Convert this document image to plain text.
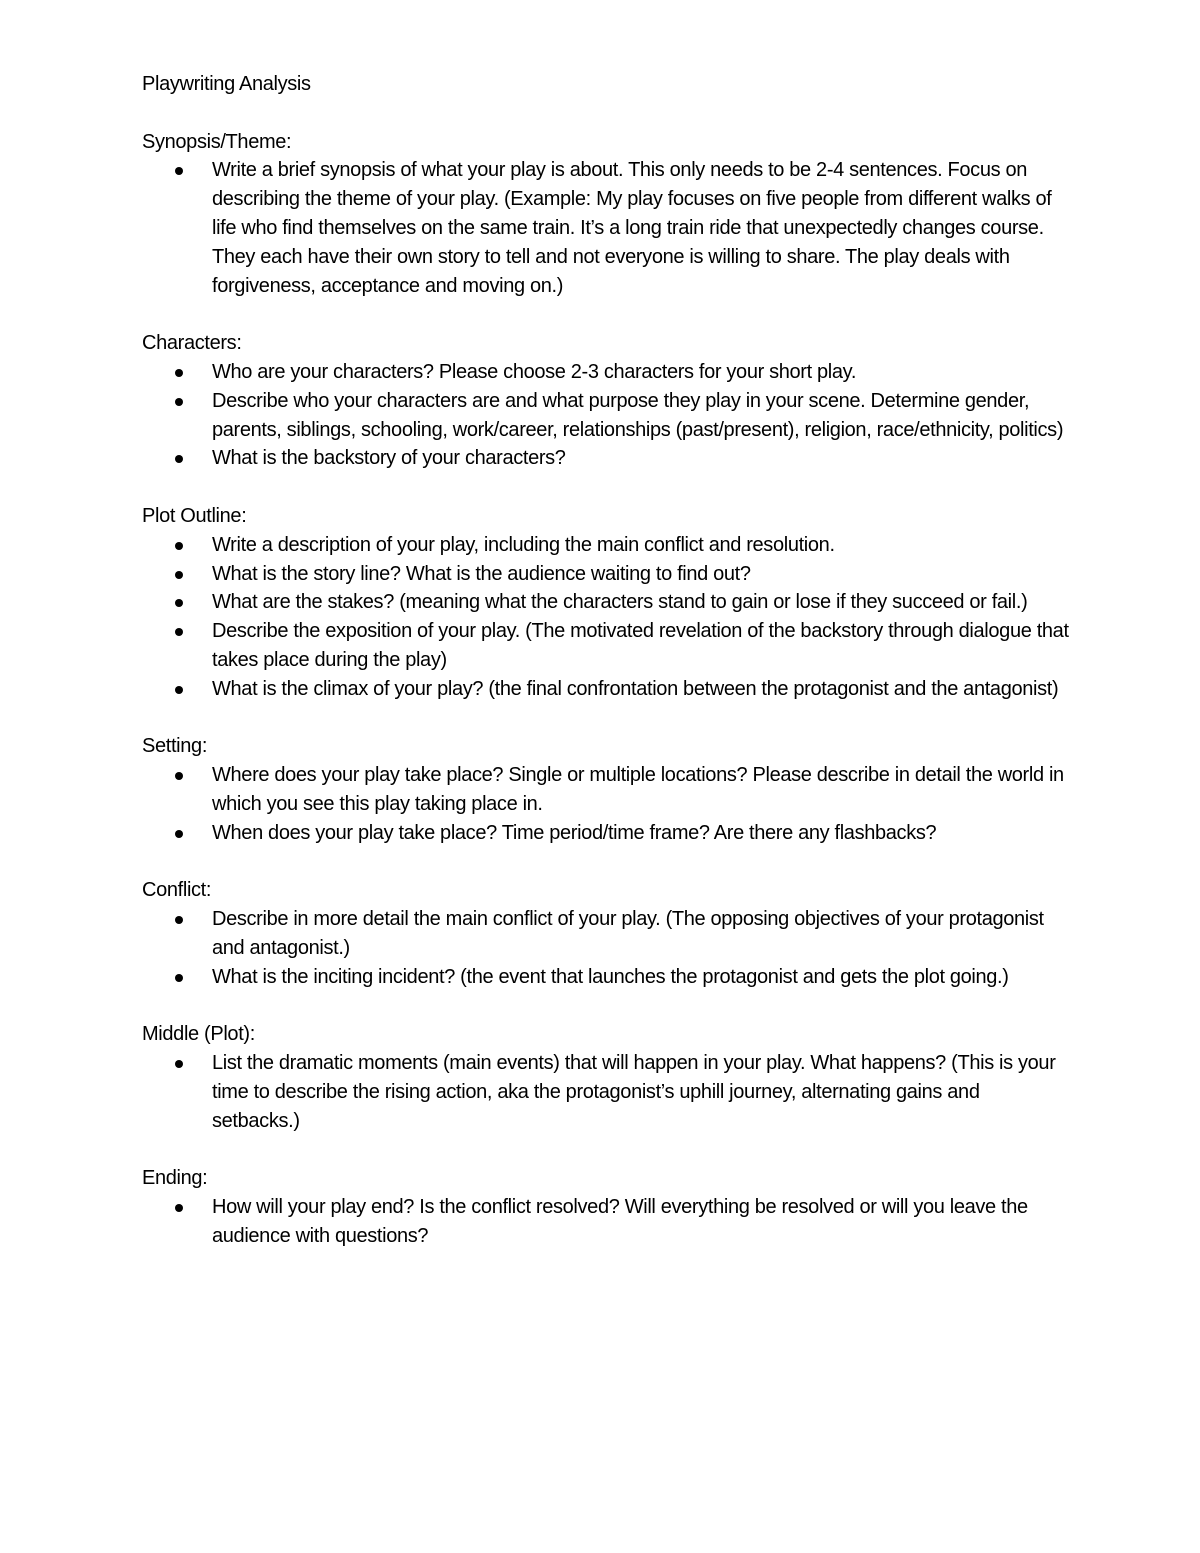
Playwriting Analysis
Synopsis/Theme:
Write a brief synopsis of what your play is about. This only needs to be 2-4 sentences. Focus on describing the theme of your play. (Example: My play focuses on five people from different walks of life who find themselves on the same train. It’s a long train ride that unexpectedly changes course. They each have their own story to tell and not everyone is willing to share. The play deals with forgiveness, acceptance and moving on.)
Characters:
Who are your characters? Please choose 2-3 characters for your short play.
Describe who your characters are and what purpose they play in your scene. Determine gender, parents, siblings, schooling, work/career, relationships (past/present), religion, race/ethnicity, politics)
What is the backstory of your characters?
Plot Outline:
Write a description of your play, including the main conflict and resolution.
What is the story line? What is the audience waiting to find out?
What are the stakes? (meaning what the characters stand to gain or lose if they succeed or fail.)
Describe the exposition of your play. (The motivated revelation of the backstory through dialogue that takes place during the play)
What is the climax of your play? (the final confrontation between the protagonist and the antagonist)
Setting:
Where does your play take place? Single or multiple locations? Please describe in detail the world in which you see this play taking place in.
When does your play take place? Time period/time frame? Are there any flashbacks?
Conflict:
Describe in more detail the main conflict of your play. (The opposing objectives of your protagonist and antagonist.)
What is the inciting incident? (the event that launches the protagonist and gets the plot going.)
Middle (Plot):
List the dramatic moments (main events) that will happen in your play. What happens? (This is your time to describe the rising action, aka the protagonist’s uphill journey, alternating gains and setbacks.)
Ending:
How will your play end? Is the conflict resolved? Will everything be resolved or will you leave the audience with questions?
